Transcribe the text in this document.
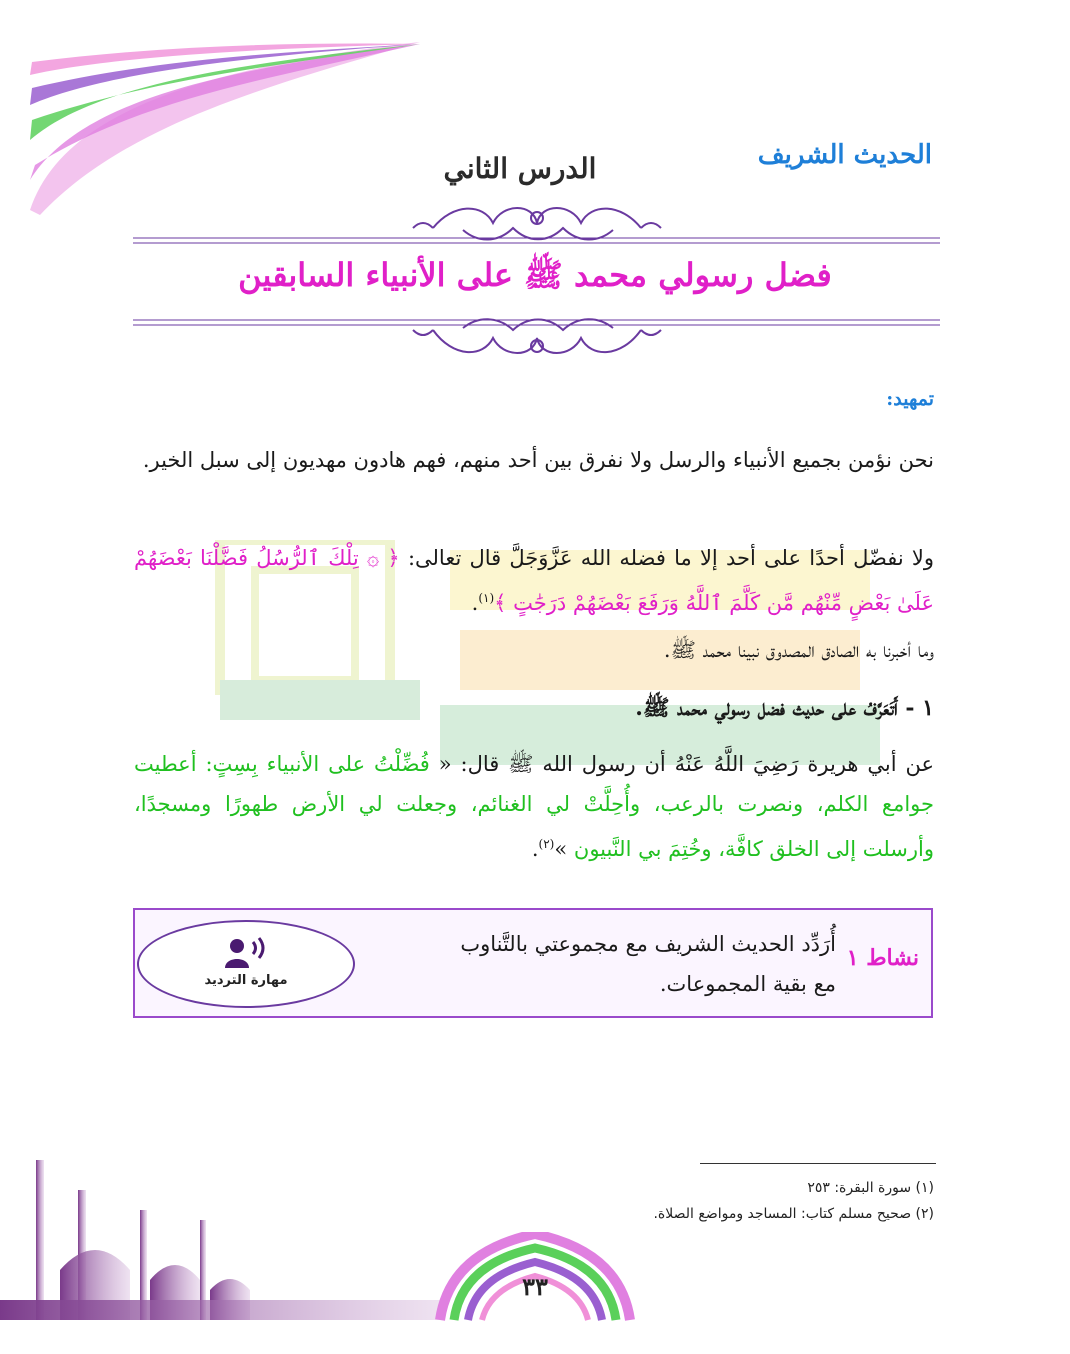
الحديث الشريف
الدرس الثاني
فضل رسولي محمد ﷺ على الأنبياء السابقين
تمهيد:
نحن نؤمن بجميع الأنبياء والرسل ولا نفرق بين أحد منهم، فهم هادون مهديون إلى سبل الخير.
ولا نفضّل أحدًا على أحد إلا ما فضله الله عَزَّوَجَلَّ قال تعالى: ﴿ ۞ تِلْكَ ٱلرُّسُلُ فَضَّلْنَا بَعْضَهُمْ عَلَىٰ بَعْضٍ مِّنْهُم مَّن كَلَّمَ ٱللَّهُ وَرَفَعَ بَعْضَهُمْ دَرَجَٰتٍ ﴾$^{(١)}$.
وما أخبرنا به الصادق المصدوق نبينا محمد ﷺ.
١ - أَتَعَرَّفُ على حديث فضل رسولي محمد ﷺ.
عن أبي هريرة رَضِيَ اللَّهُ عَنْهُ أن رسول الله ﷺ قال: « فُضِّلْتُ على الأنبياء بِسِتٍ: أعطيت جوامع الكلم، ونصرت بالرعب، وأُحِلَّتْ لي الغنائم، وجعلت لي الأرض طهورًا ومسجدًا، وأرسلت إلى الخلق كافَّة، وخُتِمَ بي النَّبيون »$^{(٢)}$.
نشاط ١
أُرَدِّد الحديث الشريف مع مجموعتي بالتَّناوب مع بقية المجموعات.
مهارة الترديد
(١) سورة البقرة: ٢٥٣
(٢) صحيح مسلم كتاب: المساجد ومواضع الصلاة.
٣٣
